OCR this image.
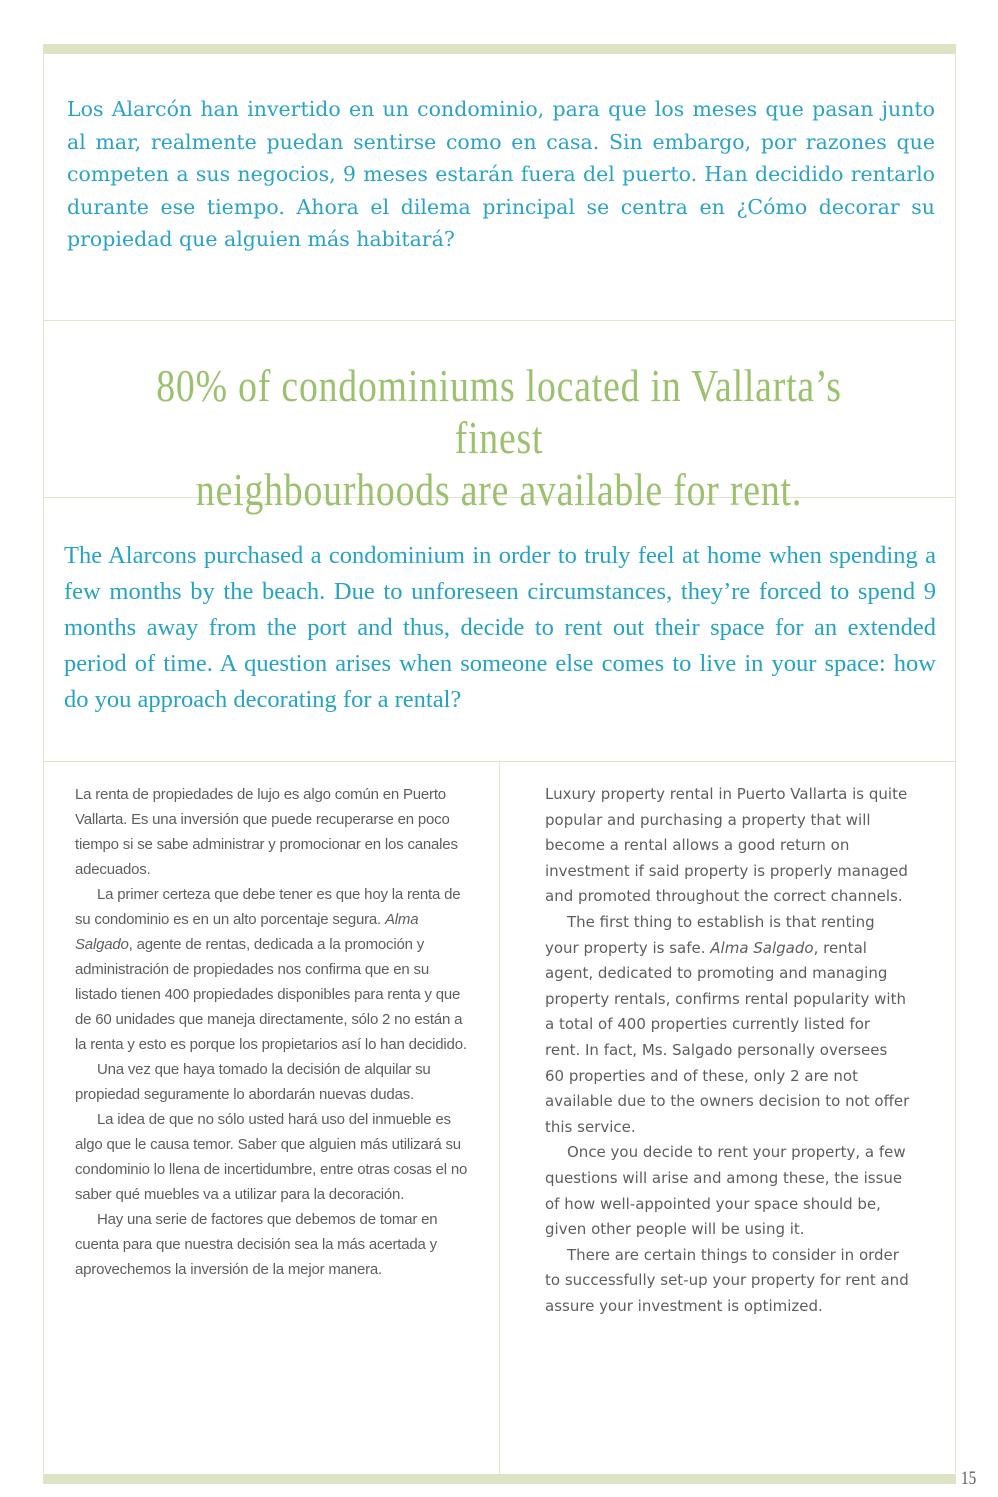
Los Alarcón han invertido en un condominio, para que los meses que pasan junto al mar, realmente puedan sentirse como en casa. Sin embargo, por razones que competen a sus negocios, 9 meses estarán fuera del puerto. Han decidido rentarlo durante ese tiempo. Ahora el dilema principal se centra en ¿Cómo decorar su propiedad que alguien más habitará?

80% of condominiums located in Vallarta’s finest
neighbourhoods are available for rent.

The Alarcons purchased a condominium in order to truly feel at home when spending a few months by the beach. Due to unforeseen circumstances, they’re forced to spend 9 months away from the port and thus, decide to rent out their space for an extended period of time. A question arises when someone else comes to live in your space: how do you approach decorating for a rental?

La renta de propiedades de lujo es algo común en Puerto Vallarta. Es una inversión que puede recuperarse en poco tiempo si se sabe administrar y promocionar en los canales adecuados.

La primer certeza que debe tener es que hoy la renta de su condominio es en un alto porcentaje segura. Alma Salgado, agente de rentas, dedicada a la promoción y administración de propiedades nos confirma que en su listado tienen 400 propiedades disponibles para renta y que de 60 unidades que maneja directamente, sólo 2 no están a la renta y esto es porque los propietarios así lo han decidido.

Una vez que haya tomado la decisión de alquilar su propiedad seguramente lo abordarán nuevas dudas.

La idea de que no sólo usted hará uso del inmueble es algo que le causa temor. Saber que alguien más utilizará su condominio lo llena de incertidumbre, entre otras cosas el no saber qué muebles va a utilizar para la decoración.

Hay una serie de factores que debemos de tomar en cuenta para que nuestra decisión sea la más acertada y aprovechemos la inversión de la mejor manera.

Luxury property rental in Puerto Vallarta is quite popular and purchasing a property that will become a rental allows a good return on investment if said property is properly managed and promoted throughout the correct channels.

The first thing to establish is that renting your property is safe. Alma Salgado, rental agent, dedicated to promoting and managing property rentals, confirms rental popularity with a total of 400 properties currently listed for rent. In fact, Ms. Salgado personally oversees 60 properties and of these, only 2 are not available due to the owners decision to not offer this service.

Once you decide to rent your property, a few questions will arise and among these, the issue of how well-appointed your space should be, given other people will be using it.

There are certain things to consider in order to successfully set-up your property for rent and assure your investment is optimized.

15
